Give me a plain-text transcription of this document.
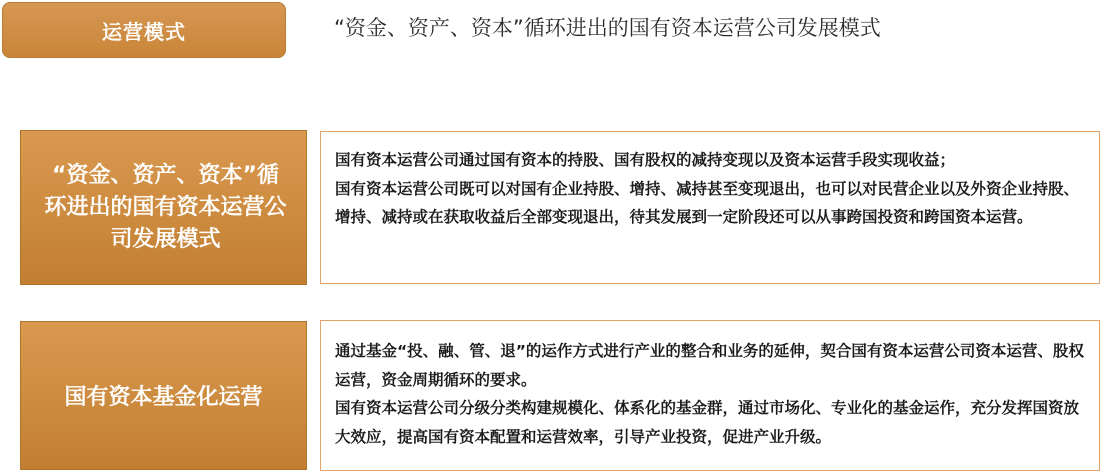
运营模式	“资金、资产、资本”循环进出的国有资本运营公司发展模式
“资金、资产、资本”循环进出的国有资本运营公司发展模式

国有资本运营公司通过国有资本的持股、国有股权的减持变现以及资本运营手段实现收益；

国有资本运营公司既可以对国有企业持股、增持、减持甚至变现退出，也可以对民营企业以及外资企业持股、增持、减持或在获取收益后全部变现退出，待其发展到一定阶段还可以从事跨国投资和跨国资本运营。

国有资本基金化运营

通过基金“投、融、管、退”的运作方式进行产业的整合和业务的延伸，契合国有资本运营公司资本运营、股权运营，资金周期循环的要求。

国有资本运营公司分级分类构建规模化、体系化的基金群，通过市场化、专业化的基金运作，充分发挥国资放大效应，提高国有资本配置和运营效率，引导产业投资，促进产业升级。
